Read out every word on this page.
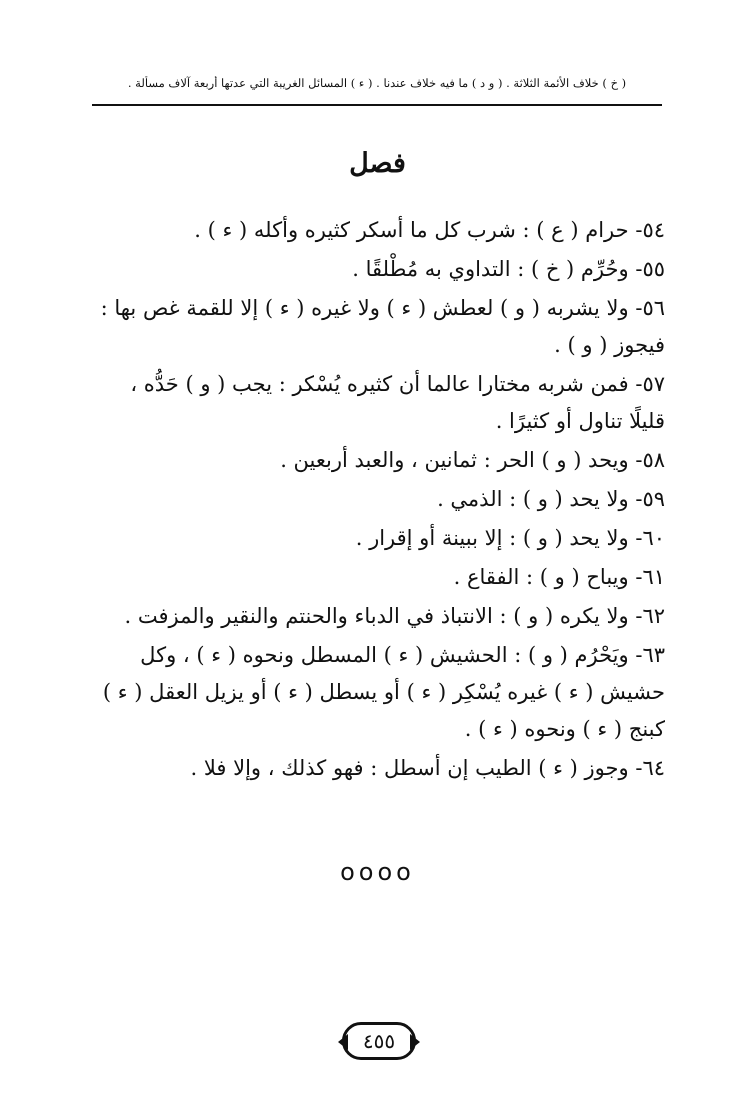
( خ ) خلاف الأئمة الثلاثة . ( و د ) ما فيه خلاف عندنا . ( ء ) المسائل الغريبة التي عدتها أربعة آلاف مسألة .
فصل
٥٤- حرام ( ع ) : شرب كل ما أسكر كثيره وأكله ( ء ) .
٥٥- وحُرِّم ( خ ) : التداوي به مُطْلقًا .
٥٦- ولا يشربه ( و ) لعطش ( ء ) ولا غيره ( ء ) إلا للقمة غص بها : فيجوز ( و ) .
٥٧- فمن شربه مختارا عالما أن كثيره يُسْكر : يجب ( و ) حَدُّه ، قليلًا تناول أو كثيرًا .
٥٨- ويحد ( و ) الحر : ثمانين ، والعبد أربعين .
٥٩- ولا يحد ( و ) : الذمي .
٦٠- ولا يحد ( و ) : إلا ببينة أو إقرار .
٦١- ويباح ( و ) : الفقاع .
٦٢- ولا يكره ( و ) : الانتباذ في الدباء والحنتم والنقير والمزفت .
٦٣- ويَحْرُم ( و ) : الحشيش ( ء ) المسطل ونحوه ( ء ) ، وكل حشيش ( ء ) غيره يُسْكِر ( ء ) أو يسطل ( ء ) أو يزيل العقل ( ء ) كبنج ( ء ) ونحوه ( ء ) .
٦٤- وجوز ( ء ) الطيب إن أسطل : فهو كذلك ، وإلا فلا .
oooo
٤٥٥
